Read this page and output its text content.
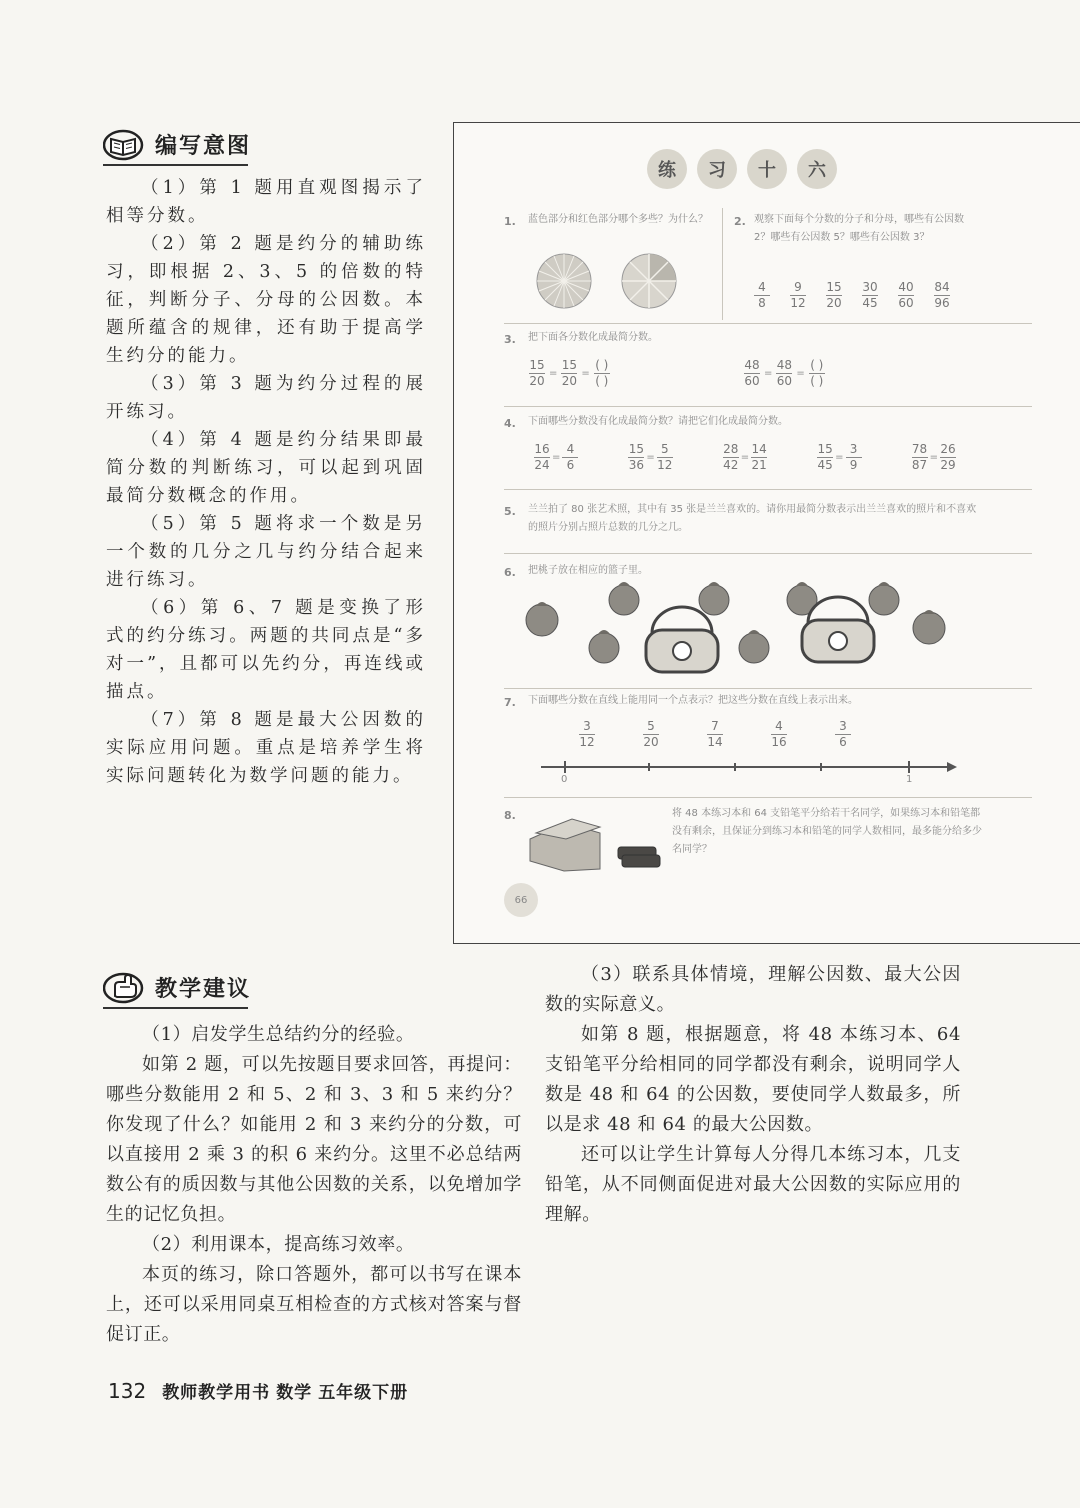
编写意图

（1）第 1 题用直观图揭示了相等分数。

（2）第 2 题是约分的辅助练习，即根据 2、3、5 的倍数的特征，判断分子、分母的公因数。本题所蕴含的规律，还有助于提高学生约分的能力。

（3）第 3 题为约分过程的展开练习。

（4）第 4 题是约分结果即最简分数的判断练习，可以起到巩固最简分数概念的作用。

（5）第 5 题将求一个数是另一个数的几分之几与约分结合起来进行练习。

（6）第 6、7 题是变换了形式的约分练习。两题的共同点是“多对一”，且都可以先约分，再连线或描点。

（7）第 8 题是最大公因数的实际应用问题。重点是培养学生将实际问题转化为数学问题的能力。

练	习	十	六
1. 蓝色部分和红色部分哪个多些？为什么？ 2. 观察下面每个分数的分子和分母，哪些有公因数 2？哪些有公因数 5？哪些有公因数 3？
$\frac{4}{8} \frac{9}{12} \frac{15}{20} \frac{30}{45} \frac{40}{60} \frac{84}{96}$
3. 把下面各分数化成最简分数。
$\frac{15}{20} = \frac{15}{20} = \frac{( )}{( )}$	$\frac{48}{60} = \frac{48}{60} = \frac{( )}{( )}$
4. 下面哪些分数没有化成最简分数？请把它们化成最简分数。
$\frac{16}{24} = \frac{4}{6}$	$\frac{15}{36} = \frac{5}{12}$	$\frac{28}{42} = \frac{14}{21}$	$\frac{15}{45} = \frac{3}{9}$	$\frac{78}{87} = \frac{26}{29}$
5. 兰兰拍了 80 张艺术照，其中有 35 张是兰兰喜欢的。请你用最简分数表示出兰兰喜欢的照片和不喜欢的照片分别占照片总数的几分之几。
6. 把桃子放在相应的篮子里。
7. 下面哪些分数在直线上能用同一个点表示？把这些分数在直线上表示出来。
$\frac{3}{12}$	$\frac{5}{20}$	$\frac{7}{14}$	$\frac{4}{16}$	$\frac{3}{6}$
0	1
8.	将 48 本练习本和 64 支铅笔平分给若干名同学，如果练习本和铅笔都没有剩余，且保证分到练习本和铅笔的同学人数相同，最多能分给多少名同学？
66
教学建议

（1）启发学生总结约分的经验。

如第 2 题，可以先按题目要求回答，再提问：哪些分数能用 2 和 5、2 和 3、3 和 5 来约分？你发现了什么？如能用 2 和 3 来约分的分数，可以直接用 2 乘 3 的积 6 来约分。这里不必总结两数公有的质因数与其他公因数的关系，以免增加学生的记忆负担。

（2）利用课本，提高练习效率。

本页的练习，除口答题外，都可以书写在课本上，还可以采用同桌互相检查的方式核对答案与督促订正。

（3）联系具体情境，理解公因数、最大公因数的实际意义。

如第 8 题，根据题意，将 48 本练习本、64 支铅笔平分给相同的同学都没有剩余，说明同学人数是 48 和 64 的公因数，要使同学人数最多，所以是求 48 和 64 的最大公因数。

还可以让学生计算每人分得几本练习本，几支铅笔，从不同侧面促进对最大公因数的实际应用的理解。

132 教师教学用书 数学 五年级下册
